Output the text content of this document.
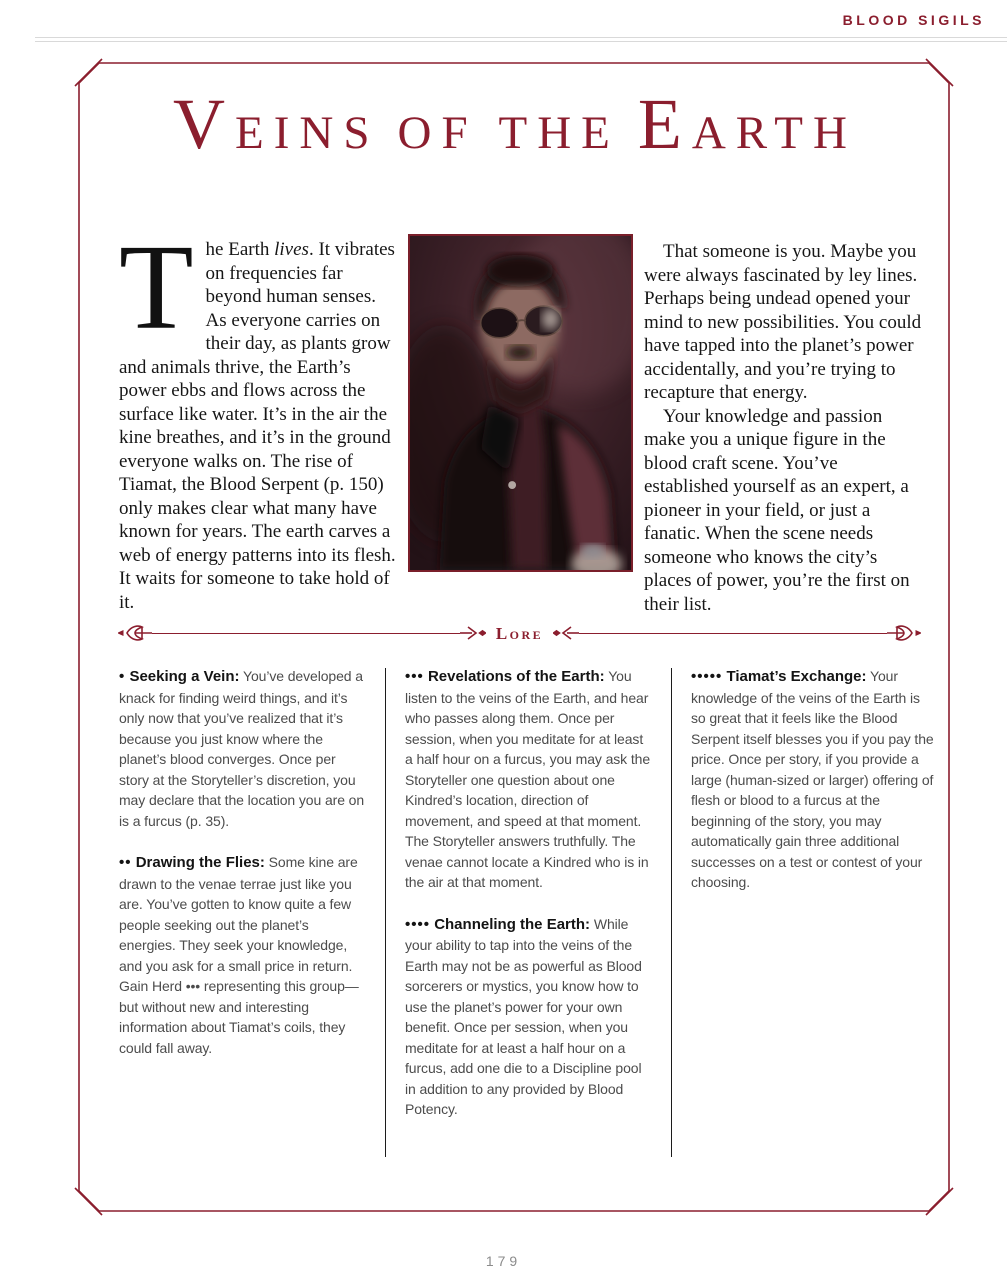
BLOOD SIGILS
VEINS OF THE EARTH
The Earth lives. It vibrates on frequencies far beyond human senses. As everyone carries on their day, as plants grow and animals thrive, the Earth’s power ebbs and flows across the surface like water. It’s in the air the kine breathes, and it’s in the ground everyone walks on. The rise of Tiamat, the Blood Serpent (p. 150) only makes clear what many have known for years. The earth carves a web of energy patterns into its flesh. It waits for someone to take hold of it.

That someone is you. Maybe you were always fascinated by ley lines. Perhaps being undead opened your mind to new possibilities. You could have tapped into the planet’s power accidentally, and you’re trying to recapture that energy.

Your knowledge and passion make you a unique figure in the blood craft scene. You’ve established yourself as an expert, a pioneer in your field, or just a fanatic. When the scene needs someone who knows the city’s places of power, you’re the first on their list.

Lore

• Seeking a Vein: You’ve developed a knack for finding weird things, and it’s only now that you’ve realized that it’s because you just know where the planet’s blood converges. Once per story at the Storyteller’s discretion, you may declare that the location you are on is a furcus (p. 35).

•• Drawing the Flies: Some kine are drawn to the venae terrae just like you are. You’ve gotten to know quite a few people seeking out the planet’s energies. They seek your knowledge, and you ask for a small price in return. Gain Herd ••• representing this group—but without new and interesting information about Tiamat’s coils, they could fall away.

••• Revelations of the Earth: You listen to the veins of the Earth, and hear who passes along them. Once per session, when you meditate for at least a half hour on a furcus, you may ask the Storyteller one question about one Kindred’s location, direction of movement, and speed at that moment. The Storyteller answers truthfully. The venae cannot locate a Kindred who is in the air at that moment.

•••• Channeling the Earth: While your ability to tap into the veins of the Earth may not be as powerful as Blood sorcerers or mystics, you know how to use the planet’s power for your own benefit. Once per session, when you meditate for at least a half hour on a furcus, add one die to a Discipline pool in addition to any provided by Blood Potency.

••••• Tiamat’s Exchange: Your knowledge of the veins of the Earth is so great that it feels like the Blood Serpent itself blesses you if you pay the price. Once per story, if you provide a large (human-sized or larger) offering of flesh or blood to a furcus at the beginning of the story, you may automatically gain three additional successes on a test or contest of your choosing.

179
